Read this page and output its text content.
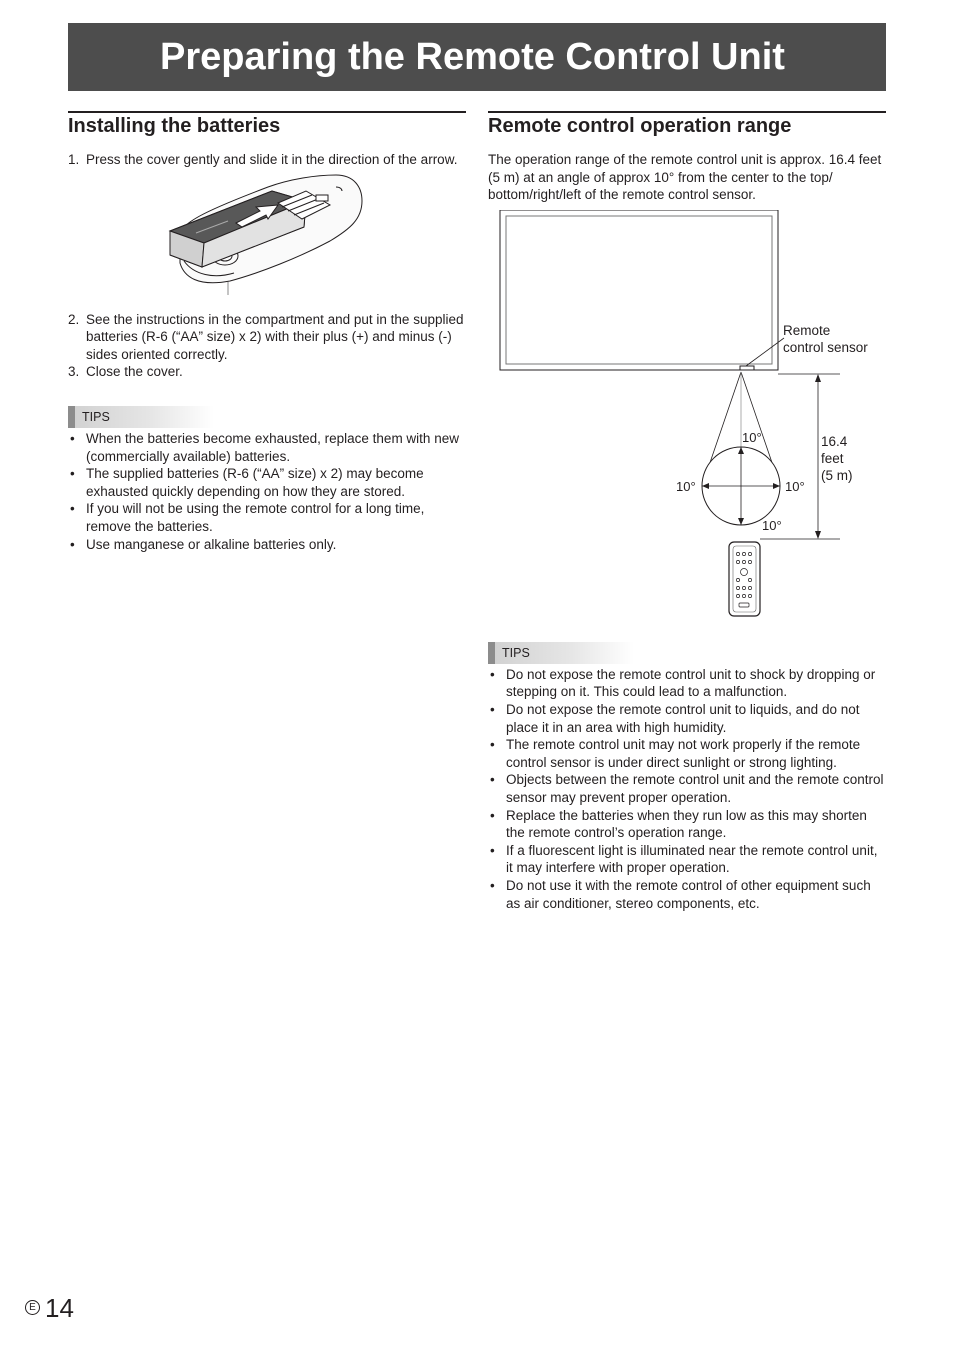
Preparing the Remote Control Unit
Installing the batteries
1. Press the cover gently and slide it in the direction of the arrow.
2. See the instructions in the compartment and put in the supplied batteries (R-6 (“AA” size) x 2) with their plus (+) and minus (-) sides oriented correctly.
3. Close the cover.
TIPS
• When the batteries become exhausted, replace them with new (commercially available) batteries.
• The supplied batteries (R-6 (“AA” size) x 2) may become exhausted quickly depending on how they are stored.
• If you will not be using the remote control for a long time, remove the batteries.
• Use manganese or alkaline batteries only.
Remote control operation range

The operation range of the remote control unit is approx. 16.4 feet (5 m) at an angle of approx 10° from the center to the top/ bottom/right/left of the remote control sensor.

Remote
control sensor
16.4
feet
(5 m)
10°
10°	10°
10°
TIPS
• Do not expose the remote control unit to shock by dropping or stepping on it. This could lead to a malfunction.
• Do not expose the remote control unit to liquids, and do not place it in an area with high humidity.
• The remote control unit may not work properly if the remote control sensor is under direct sunlight or strong lighting.
• Objects between the remote control unit and the remote control sensor may prevent proper operation.
• Replace the batteries when they run low as this may shorten the remote control’s operation range.
• If a fluorescent light is illuminated near the remote control unit, it may interfere with proper operation.
• Do not use it with the remote control of other equipment such as air conditioner, stereo components, etc.
E 14
